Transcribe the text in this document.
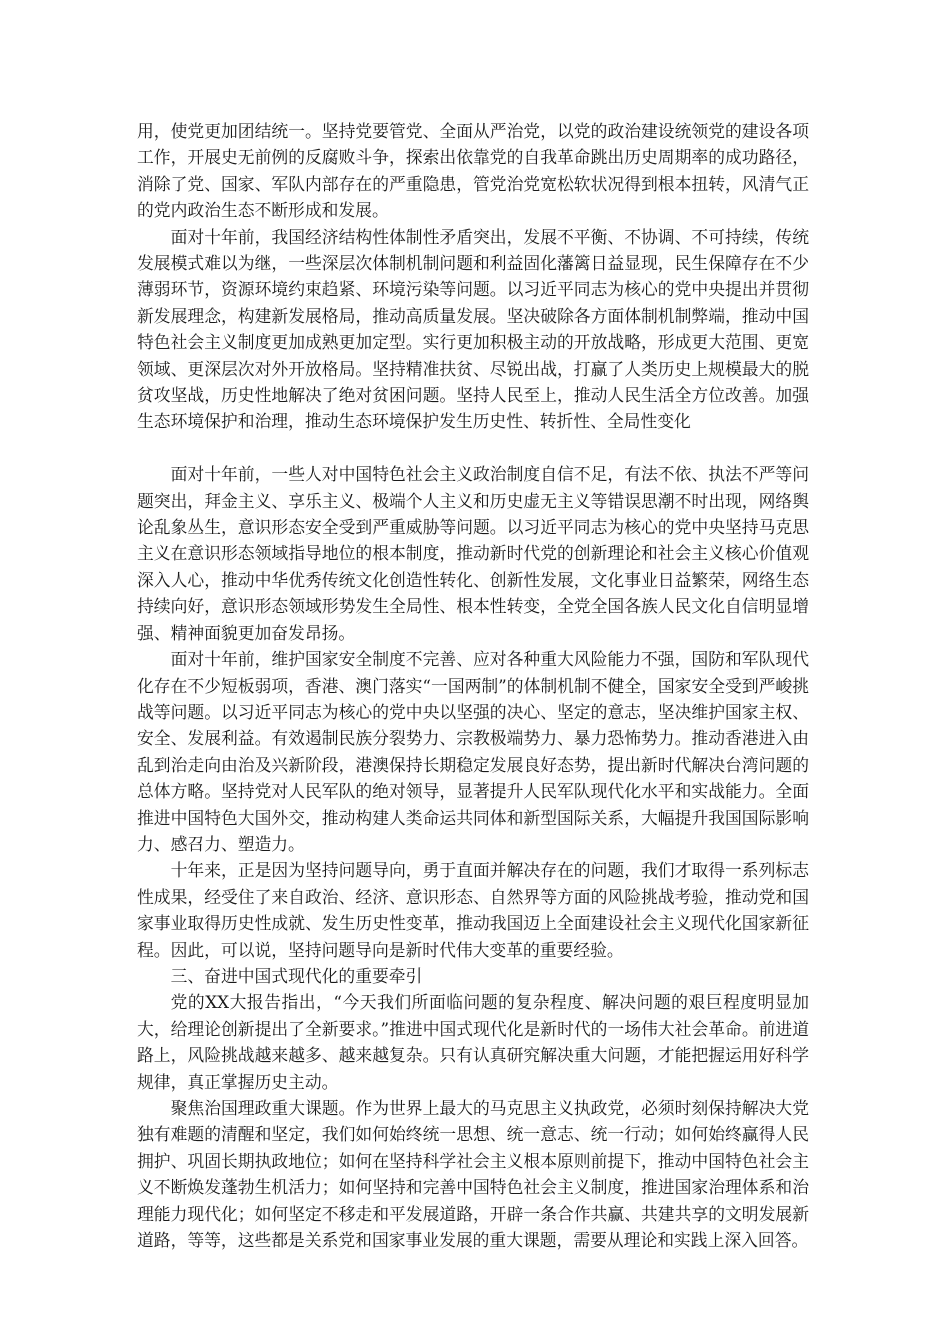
用，使党更加团结统一。坚持党要管党、全面从严治党，以党的政治建设统领党的建设各项工作，开展史无前例的反腐败斗争，探索出依靠党的自我革命跳出历史周期率的成功路径，消除了党、国家、军队内部存在的严重隐患，管党治党宽松软状况得到根本扭转，风清气正的党内政治生态不断形成和发展。

面对十年前，我国经济结构性体制性矛盾突出，发展不平衡、不协调、不可持续，传统发展模式难以为继，一些深层次体制机制问题和利益固化藩篱日益显现，民生保障存在不少薄弱环节，资源环境约束趋紧、环境污染等问题。以习近平同志为核心的党中央提出并贯彻新发展理念，构建新发展格局，推动高质量发展。坚决破除各方面体制机制弊端，推动中国特色社会主义制度更加成熟更加定型。实行更加积极主动的开放战略，形成更大范围、更宽领域、更深层次对外开放格局。坚持精准扶贫、尽锐出战，打赢了人类历史上规模最大的脱贫攻坚战，历史性地解决了绝对贫困问题。坚持人民至上，推动人民生活全方位改善。加强生态环境保护和治理，推动生态环境保护发生历史性、转折性、全局性变化

面对十年前，一些人对中国特色社会主义政治制度自信不足，有法不依、执法不严等问题突出，拜金主义、享乐主义、极端个人主义和历史虚无主义等错误思潮不时出现，网络舆论乱象丛生，意识形态安全受到严重威胁等问题。以习近平同志为核心的党中央坚持马克思主义在意识形态领域指导地位的根本制度，推动新时代党的创新理论和社会主义核心价值观深入人心，推动中华优秀传统文化创造性转化、创新性发展，文化事业日益繁荣，网络生态持续向好，意识形态领域形势发生全局性、根本性转变，全党全国各族人民文化自信明显增强、精神面貌更加奋发昂扬。

面对十年前，维护国家安全制度不完善、应对各种重大风险能力不强，国防和军队现代化存在不少短板弱项，香港、澳门落实“一国两制”的体制机制不健全，国家安全受到严峻挑战等问题。以习近平同志为核心的党中央以坚强的决心、坚定的意志，坚决维护国家主权、安全、发展利益。有效遏制民族分裂势力、宗教极端势力、暴力恐怖势力。推动香港进入由乱到治走向由治及兴新阶段，港澳保持长期稳定发展良好态势，提出新时代解决台湾问题的总体方略。坚持党对人民军队的绝对领导，显著提升人民军队现代化水平和实战能力。全面推进中国特色大国外交，推动构建人类命运共同体和新型国际关系，大幅提升我国国际影响力、感召力、塑造力。

十年来，正是因为坚持问题导向，勇于直面并解决存在的问题，我们才取得一系列标志性成果，经受住了来自政治、经济、意识形态、自然界等方面的风险挑战考验，推动党和国家事业取得历史性成就、发生历史性变革，推动我国迈上全面建设社会主义现代化国家新征程。因此，可以说，坚持问题导向是新时代伟大变革的重要经验。

三、奋进中国式现代化的重要牵引

党的XX大报告指出，“今天我们所面临问题的复杂程度、解决问题的艰巨程度明显加大，给理论创新提出了全新要求。”推进中国式现代化是新时代的一场伟大社会革命。前进道路上，风险挑战越来越多、越来越复杂。只有认真研究解决重大问题，才能把握运用好科学规律，真正掌握历史主动。

聚焦治国理政重大课题。作为世界上最大的马克思主义执政党，必须时刻保持解决大党独有难题的清醒和坚定，我们如何始终统一思想、统一意志、统一行动；如何始终赢得人民拥护、巩固长期执政地位；如何在坚持科学社会主义根本原则前提下，推动中国特色社会主义不断焕发蓬勃生机活力；如何坚持和完善中国特色社会主义制度，推进国家治理体系和治理能力现代化；如何坚定不移走和平发展道路，开辟一条合作共赢、共建共享的文明发展新道路，等等，这些都是关系党和国家事业发展的重大课题，需要从理论和实践上深入回答。
